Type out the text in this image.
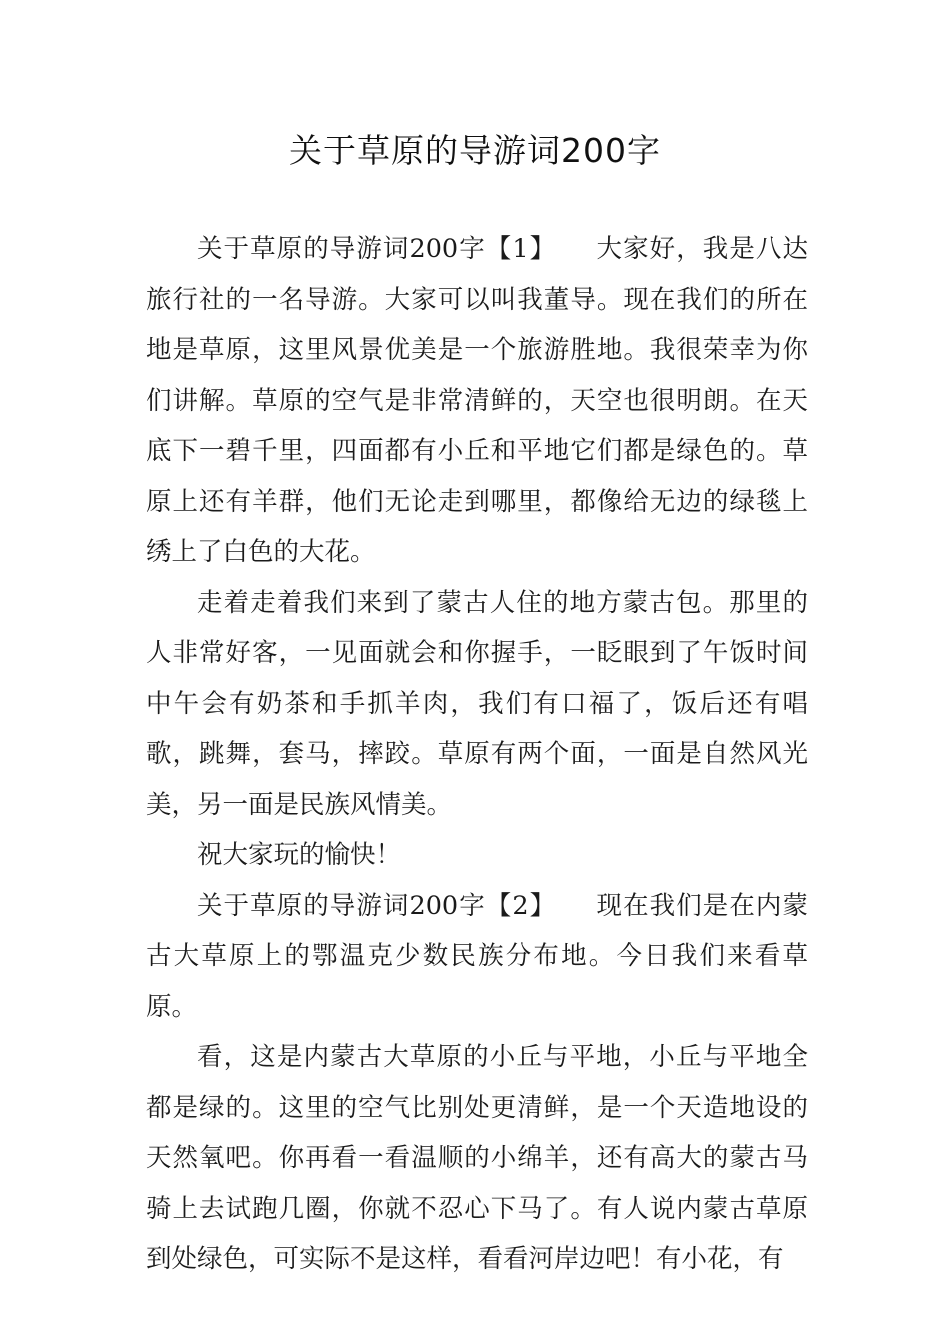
关于草原的导游词200字

关于草原的导游词200字【1】　　大家好，我是八达旅行社的一名导游。大家可以叫我董导。现在我们的所在地是草原，这里风景优美是一个旅游胜地。我很荣幸为你们讲解。草原的空气是非常清鲜的，天空也很明朗。在天底下一碧千里，四面都有小丘和平地它们都是绿色的。草原上还有羊群，他们无论走到哪里，都像给无边的绿毯上绣上了白色的大花。

走着走着我们来到了蒙古人住的地方蒙古包。那里的人非常好客，一见面就会和你握手，一眨眼到了午饭时间中午会有奶茶和手抓羊肉，我们有口福了，饭后还有唱歌，跳舞，套马，摔跤。草原有两个面，一面是自然风光美，另一面是民族风情美。

祝大家玩的愉快！

关于草原的导游词200字【2】　　现在我们是在内蒙古大草原上的鄂温克少数民族分布地。今日我们来看草原。

看，这是内蒙古大草原的小丘与平地，小丘与平地全都是绿的。这里的空气比别处更清鲜，是一个天造地设的天然氧吧。你再看一看温顺的小绵羊，还有高大的蒙古马骑上去试跑几圈，你就不忍心下马了。有人说内蒙古草原到处绿色，可实际不是这样，看看河岸边吧！有小花，有
